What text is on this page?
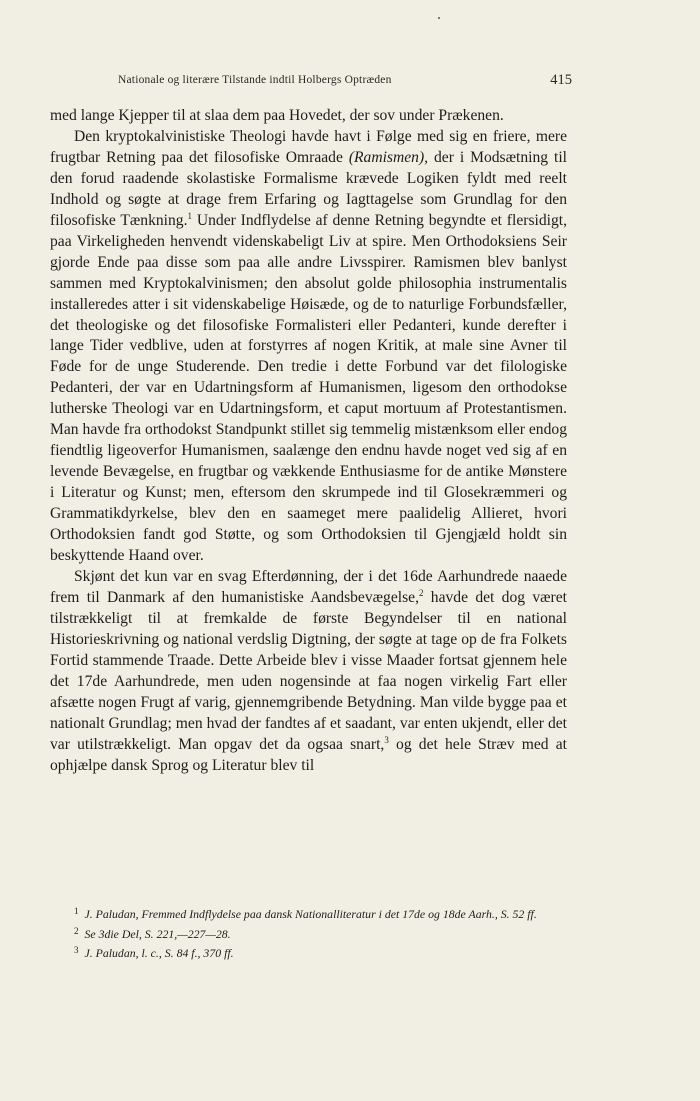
Nationale og literære Tilstande indtil Holbergs Optræden	415

med lange Kjepper til at slaa dem paa Hovedet, der sov under Prækenen.

Den kryptokalvinistiske Theologi havde havt i Følge med sig en friere, mere frugtbar Retning paa det filosofiske Omraade (Ramismen), der i Modsætning til den forud raadende skolastiske Formalisme krævede Logiken fyldt med reelt Indhold og søgte at drage frem Erfaring og Iagttagelse som Grundlag for den filosofiske Tænkning.$^1$ Under Indflydelse af denne Retning begyndte et flersidigt, paa Virkeligheden henvendt videnskabeligt Liv at spire. Men Orthodoksiens Seir gjorde Ende paa disse som paa alle andre Livsspirer. Ramismen blev banlyst sammen med Kryptokalvinismen; den absolut golde philosophia instrumentalis installeredes atter i sit videnskabelige Høisæde, og de to naturlige Forbundsfæller, det theologiske og det filosofiske Formalisteri eller Pedanteri, kunde derefter i lange Tider vedblive, uden at forstyrres af nogen Kritik, at male sine Avner til Føde for de unge Studerende. Den tredie i dette Forbund var det filologiske Pedanteri, der var en Udartningsform af Humanismen, ligesom den orthodokse lutherske Theologi var en Udartningsform, et caput mortuum af Protestantismen. Man havde fra orthodokst Standpunkt stillet sig temmelig mistænksom eller endog fiendtlig ligeoverfor Humanismen, saalænge den endnu havde noget ved sig af en levende Bevægelse, en frugtbar og vækkende Enthusiasme for de antike Mønstere i Literatur og Kunst; men, eftersom den skrumpede ind til Glosekræmmeri og Grammatikdyrkelse, blev den en saameget mere paalidelig Allieret, hvori Orthodoksien fandt god Støtte, og som Orthodoksien til Gjengjæld holdt sin beskyttende Haand over.

Skjønt det kun var en svag Efterdønning, der i det 16de Aarhundrede naaede frem til Danmark af den humanistiske Aandsbevægelse,$^2$ havde det dog været tilstrækkeligt til at fremkalde de første Begyndelser til en national Historieskrivning og national verdslig Digtning, der søgte at tage op de fra Folkets Fortid stammende Traade. Dette Arbeide blev i visse Maader fortsat gjennem hele det 17de Aarhundrede, men uden nogensinde at faa nogen virkelig Fart eller afsætte nogen Frugt af varig, gjennemgribende Betydning. Man vilde bygge paa et nationalt Grundlag; men hvad der fandtes af et saadant, var enten ukjendt, eller det var utilstrækkeligt. Man opgav det da ogsaa snart,$^3$ og det hele Stræv med at ophjælpe dansk Sprog og Literatur blev til

$^1$ J. Paludan, Fremmed Indflydelse paa dansk Nationalliteratur i det 17de og 18de Aarh., S. 52 ff.
$^2$ Se 3die Del, S. 221,—227—28.
$^3$ J. Paludan, l. c., S. 84 f., 370 ff.
